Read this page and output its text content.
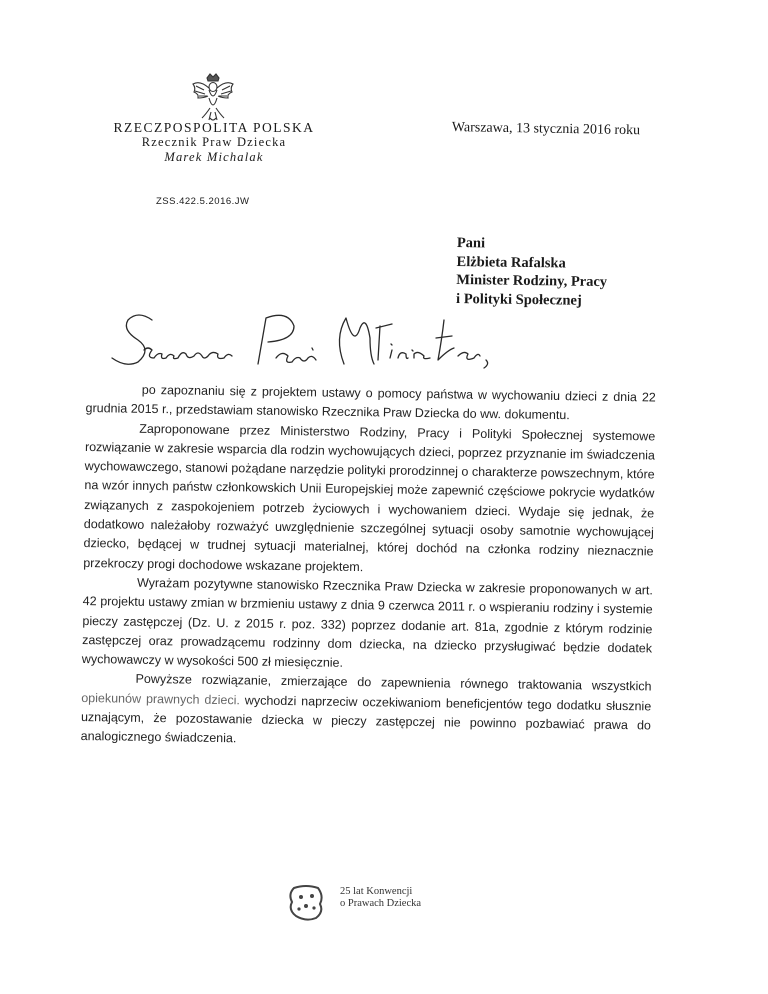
RZECZPOSPOLITA POLSKA
Rzecznik Praw Dziecka
Marek Michalak
ZSS.422.5.2016.JW
Warszawa, 13 stycznia 2016 roku
Pani
Elżbieta Rafalska
Minister Rodziny, Pracy
i Polityki Społecznej

po zapoznaniu się z projektem ustawy o pomocy państwa w wychowaniu dzieci z dnia 22 grudnia 2015 r., przedstawiam stanowisko Rzecznika Praw Dziecka do ww. dokumentu.

Zaproponowane przez Ministerstwo Rodziny, Pracy i Polityki Społecznej systemowe rozwiązanie w zakresie wsparcia dla rodzin wychowujących dzieci, poprzez przyznanie im świadczenia wychowawczego, stanowi pożądane narzędzie polityki prorodzinnej o charakterze powszechnym, które na wzór innych państw członkowskich Unii Europejskiej może zapewnić częściowe pokrycie wydatków związanych z zaspokojeniem potrzeb życiowych i wychowaniem dzieci. Wydaje się jednak, że dodatkowo należałoby rozważyć uwzględnienie szczególnej sytuacji osoby samotnie wychowującej dziecko, będącej w trudnej sytuacji materialnej, której dochód na członka rodziny nieznacznie przekroczy progi dochodowe wskazane projektem.

Wyrażam pozytywne stanowisko Rzecznika Praw Dziecka w zakresie proponowanych w art. 42 projektu ustawy zmian w brzmieniu ustawy z dnia 9 czerwca 2011 r. o wspieraniu rodziny i systemie pieczy zastępczej (Dz. U. z 2015 r. poz. 332) poprzez dodanie art. 81a, zgodnie z którym rodzinie zastępczej oraz prowadzącemu rodzinny dom dziecka, na dziecko przysługiwać będzie dodatek wychowawczy w wysokości 500 zł miesięcznie.

Powyższe rozwiązanie, zmierzające do zapewnienia równego traktowania wszystkich opiekunów prawnych dzieci. wychodzi naprzeciw oczekiwaniom beneficjentów tego dodatku słusznie uznającym, że pozostawanie dziecka w pieczy zastępczej nie powinno pozbawiać prawa do analogicznego świadczenia.

25 lat Konwencji
o Prawach Dziecka
